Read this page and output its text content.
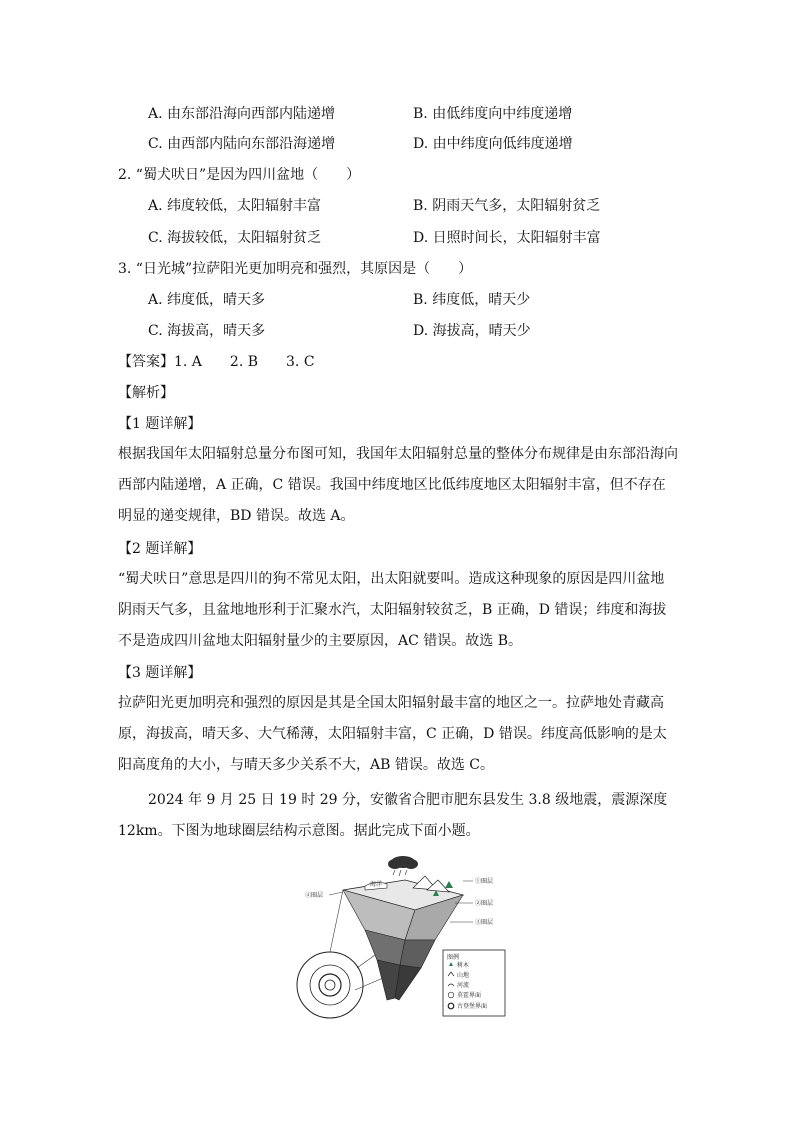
A. 由东部沿海向西部内陆递增	B. 由低纬度向中纬度递增
C. 由西部内陆向东部沿海递增	D. 由中纬度向低纬度递增
2. “蜀犬吠日”是因为四川盆地（　　）
A. 纬度较低，太阳辐射丰富	B. 阴雨天气多，太阳辐射贫乏
C. 海拔较低，太阳辐射贫乏	D. 日照时间长，太阳辐射丰富
3. “日光城”拉萨阳光更加明亮和强烈，其原因是（　　）
A. 纬度低，晴天多	B. 纬度低，晴天少
C. 海拔高，晴天多	D. 海拔高，晴天少
【答案】1. A　　2. B　　3. C
【解析】
【1 题详解】
根据我国年太阳辐射总量分布图可知，我国年太阳辐射总量的整体分布规律是由东部沿海向西部内陆递增，A 正确，C 错误。我国中纬度地区比低纬度地区太阳辐射丰富，但不存在明显的递变规律，BD 错误。故选 A。
【2 题详解】
“蜀犬吠日”意思是四川的狗不常见太阳，出太阳就要叫。造成这种现象的原因是四川盆地阴雨天气多，且盆地地形利于汇聚水汽，太阳辐射较贫乏，B 正确，D 错误；纬度和海拔不是造成四川盆地太阳辐射量少的主要原因，AC 错误。故选 B。
【3 题详解】
拉萨阳光更加明亮和强烈的原因是其是全国太阳辐射最丰富的地区之一。拉萨地处青藏高原，海拔高，晴天多、大气稀薄，太阳辐射丰富，C 正确，D 错误。纬度高低影响的是太阳高度角的大小，与晴天多少关系不大，AB 错误。故选 C。
2024 年 9 月 25 日 19 时 29 分，安徽省合肥市肥东县发生 3.8 级地震，震源深度
12km。下图为地球圈层结构示意图。据此完成下面小题。
海洋	①圈层
②圈层
③圈层
④圈层
图例
树木
山地
河流
莫霍界面
古登堡界面
